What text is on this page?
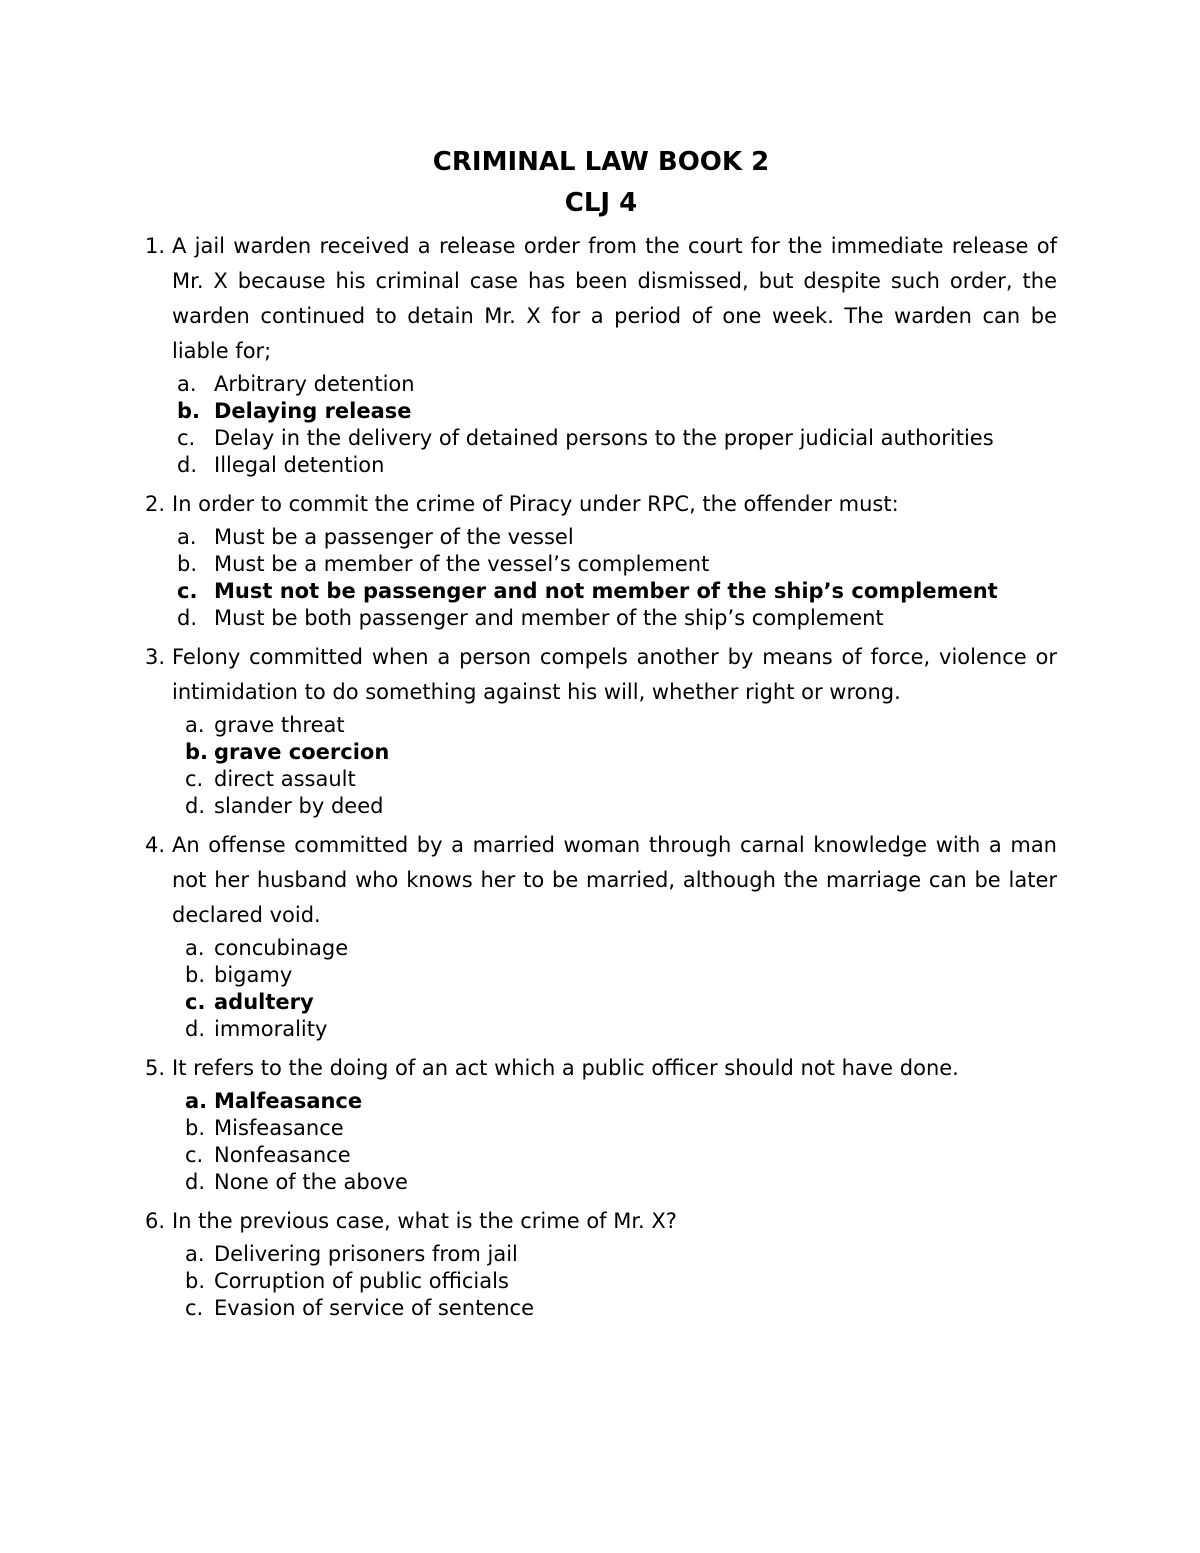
CRIMINAL LAW BOOK 2
CLJ 4
1. A jail warden received a release order from the court for the immediate release of Mr. X because his criminal case has been dismissed, but despite such order, the warden continued to detain Mr. X for a period of one week. The warden can be liable for;

a. Arbitrary detention
b. Delaying release
c. Delay in the delivery of detained persons to the proper judicial authorities
d. Illegal detention
2. In order to commit the crime of Piracy under RPC, the offender must:

a. Must be a passenger of the vessel
b. Must be a member of the vessel’s complement
c. Must not be passenger and not member of the ship’s complement
d. Must be both passenger and member of the ship’s complement
3. Felony committed when a person compels another by means of force, violence or intimidation to do something against his will, whether right or wrong.

a. grave threat
b. grave coercion
c. direct assault
d. slander by deed
4. An offense committed by a married woman through carnal knowledge with a man not her husband who knows her to be married, although the marriage can be later declared void.

a. concubinage
b. bigamy
c. adultery
d. immorality
5. It refers to the doing of an act which a public officer should not have done.

a. Malfeasance
b. Misfeasance
c. Nonfeasance
d. None of the above
6. In the previous case, what is the crime of Mr. X?

a. Delivering prisoners from jail
b. Corruption of public officials
c. Evasion of service of sentence
